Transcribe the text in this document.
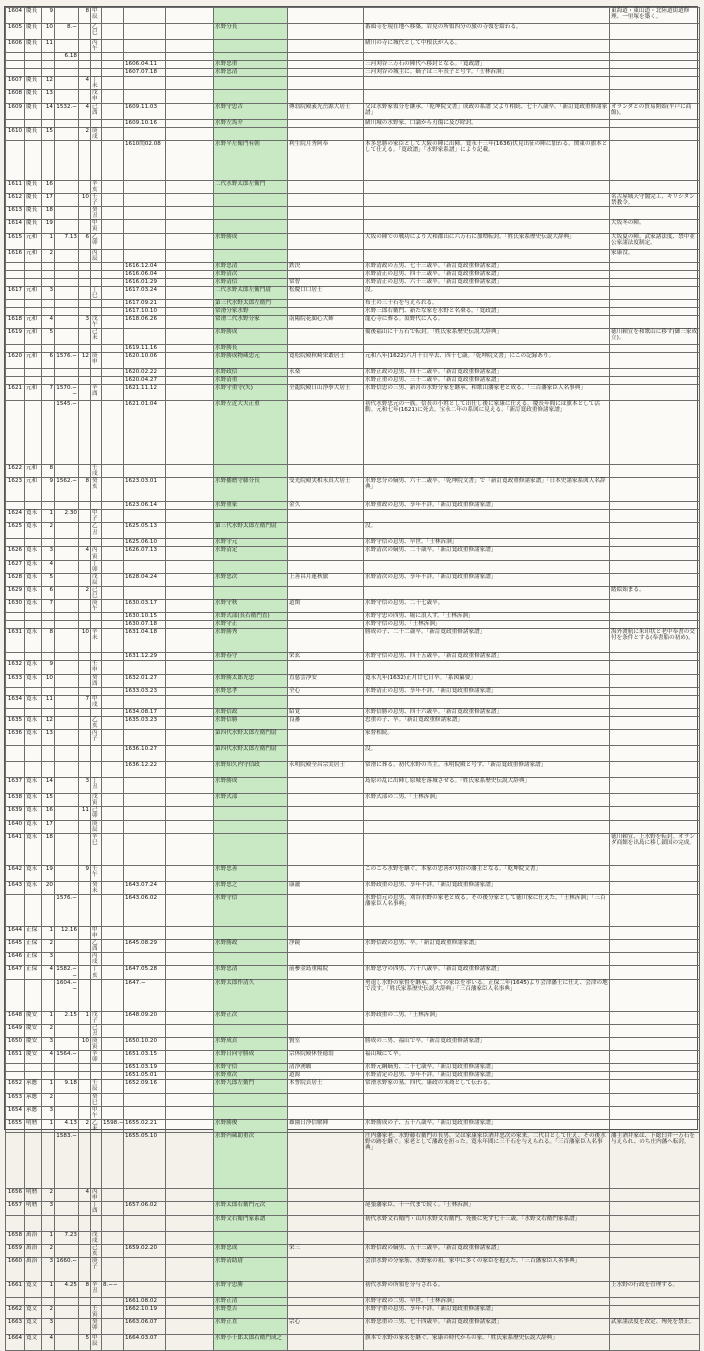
1604	慶長	9		8	甲辰							東海道・東山道・北陸道街道修理、一里塚を築く。
1605	慶長	10	8.−		乙巳				水野分長		番頭寺を現在地へ移築。岩見の所領四分の旅の寺領を給わる。	
1606	慶長	11			丙午						緒川の寺に城代として中根氏が入る。	
			6.18									
							1606.04.11		水野忠重		三河刈谷三万石の陣代へ移封となる。「寛政譜」	
							1607.07.18		水野忠清		三河刈谷の城主に。嫡子は三年長子と号す。「士林泝洄」	
1607	慶長	12		4	丁未							
1608	慶長	13			戊申							
1609	慶長	14	1532.−	4	己酉		1609.11.03		水野守忠吉	傳翁院殿義光岳源大居士	父は水野家領分を継承。「乾坤院文書」成政の系譜 父より相続、七十八歳卒。「新訂寛政重修諸家譜」	オランダとの貿易開始(平戸に商館)。
							1609.10.16		水野左馬介		緒川城の水野家、口論から刃傷に及び除封。	
1610	慶長	15		2	庚戌							
							1610閏02.08		水野平左衛門有朝	利生院月秀阿奉	本多忠勝の家臣として大阪の陣に出陣。寛永十三年(1636)伏見出征の陣に加わる。関東の旗本として仕える。「寛政譜」「水野家系譜」により記載。	
1611	慶長	16			辛亥				二代水野太郎左衛門			
1612	慶長	17		10	壬子							名古屋城天守閣完工、キリシタン禁教令。
1613	慶長	18			癸丑							
1614	慶長	19			甲寅							大坂冬の陣。
1615	元和	1	7.13	6	乙卯				水野勝成		大坂の陣での戦功により大和郡山に六万石に加増転封。「姓氏家系歴史伝説大辞典」	大坂夏の陣。武家諸法度、禁中並公家諸法度制定。
1616	元和	2			丙辰							家康没。
							1616.12.04		水野忠清	鉄決	水野清政の五男、七十三歳卒。「新訂寛政重修諸家譜」	
							1616.06.04		水野清次		水野清正の息男、四十三歳卒。「新訂寛政重修諸家譜」	
							1616.01.29		水野清信	常智	水野清正の息男、六十三歳卒。「新訂寛政重修諸家譜」	
1617	元和	3			丁巳		1617.03.24		二代水野太郎左衛門尉	松慶口口居士	没。	
							1617.09.21		第三代水野太郎左衛門		布土の三十石を与えられる。	
							1617.10.10		常滑分家水野		水野三郎右衛門、新たな家を水野と名乗る。「寛政譜」	
1618	元和	4		3	戊午		1618.06.26		常滑二代水野分家	南陽院花顔心大姉	龍心寺に葬る。須野代に入る。	
1619	元和	5			己未				水野勝成		備後福山に十万石で転封。「姓氏家系歴史伝説大辞典」	徳川頼宣を和歌山に移す(御三家成立)。
							1619.11.16		水野勝長			
1620	元和	6	1576.−	12	庚申		1620.10.06		水野勝成物蔵忠元	寛松院殿秋崎栄叢居士	元和八年(1622)六月十日卒去、四十七歳。「乾坤院文書」にこの記録あり。	
							1620.02.22		水野政信	永楽	水野正政の息男、四十二歳卒。「新訂寛政重修諸家譜」	
							1620.04.27		水野清重		水野正重の息男、三十二歳卒。「新訂寛政重修諸家譜」	
1621	元和	7	1570.−−		辛酉		1621.11.12		水野守重守(矢)	全龍院殿日山浄拳大居士	水野信忠の三男、新宮の水野分家を継承。和歌山藩家老と成る。「三百藩家臣人名事典」	
			1545.−				1621.01.04		水野左近大夫正重		初代水野忠元の一族。信長の小姓として出仕し後に家康に仕える。慶長年間には旗本として活動。元和七年(1621)に死去。宝永二年の系図に見える。「新訂寛政重修諸家譜」	
1622	元和	8			壬戌							
1623	元和	9	1562.−	8	癸亥		1623.03.01		水野播磨守藤分長	受光院殿実相永真大居士	水野忠分の嫡男、六十二歳卒。「乾坤院文書」で「新訂寛政重修諸家譜」「日本史諸家系図人名辞典」	
							1623.06.14		水野重家	金久	水野重政の息男、享年不詳。「新訂寛政重修諸家譜」	
1624	寛永	1	2.30		甲子							
1625	寛永	2			乙丑		1625.05.13		第三代水野太郎左衛門尉		没。	
							1625.06.10		水野守元		水野守信の息男、早世。「士林泝洄」	
1626	寛永	3		4	丙寅		1626.07.13		水野清定		水野清次の嫡男、二十歳卒。「新訂寛政重修諸家譜」	
1627	寛永	4			丁卯							
1628	寛永	5			戊辰		1628.04.24		水野忠次	上善昌月蓮秋旅	水野清次の息男、享年不詳。「新訂寛政重修諸家譜」	
1629	寛永	6		2	己巳							踏絵始まる。
1630	寛永	7			庚午		1630.03.17		水野守秋	道閑	水野守信の息男、二十七歳卒。	
							1630.10.15		水野式部(長右衛門直)		水野守忠の四男、堀に浪人す。「士林泝洄」	
							1630.07.18		水野守正		水野守信の息男、「士林泝洄」	
1631	寛永	8		10	辛未		1631.04.18		水野勝秀		勝成の子、二十二歳卒。「新訂寛政重修諸家譜」	海外渡航に朱印状と老中奉書の交付を条件とする(奉書船の初め)。
							1631.12.29		水野春守	栄玄	水野守信の息男、四十五歳卒。「新訂寛政重修諸家譜」	
1632	寛永	9			壬申							
1633	寛永	10			癸酉		1632.01.27		水野勝太郎光忠	直慈雲浄安	寛永九年(1632)正月廿七日卒。「系図纂要」	
							1633.03.23		水野忠孝	全心	水野清正の息男、享年不詳。「新訂寛政重修諸家譜」	
1634	寛永	11		7	甲戌							
							1634.08.17		水野信政	紹覚	水野信勝の息男、四十六歳卒。「新訂寛政重修諸家譜」	
1635	寛永	12			乙亥		1635.03.23		水野信勝	良蕃	忠重の子、卒。「新訂寛政重修諸家譜」	
1636	寛永	13			丙子				第四代水野太郎左衛門尉		家督相続。	
							1636.10.27		第四代水野太郎左衛門尉		没。	
							1636.12.22		水野知久内守信政	永明院殿全昌宗実居士	常滑に葬る。初代水野の当主。永明院殿と号す。「新訂寛政重修諸家譜」	
1637	寛永	14		3	丁丑				水野勝成		島原の乱に出陣し原城を落城させる。「姓氏家系歴史伝説大辞典」	
1638	寛永	15			戊寅				水野式部		水野式部の二男。「士林泝洄」	
1639	寛永	16		11	己卯							
1640	寛永	17			庚辰							
1641	寛永	18			辛巳							徳川頼宣、上水野を転封。オランダ商館を出島に移し鎖国の完成。
1642	寛永	19		9	壬午				水野忠善		このころ水野を継ぐ。本家の忠善が刈谷の藩主となる。「乾坤院文書」	
1643	寛永	20			癸未		1643.07.24		水野忠之	康瀧	水野政重の息男、享年不詳。「新訂寛政重修諸家譜」	
			1576.−				1643.06.02		水野守信		水野信元の息男。刈谷水野の家老と成る。その後分家として徳川家に仕えた。「士林泝洄」「三百藩家臣人名事典」	
1644	正保	1	12.16		甲申							
1645	正保	2			乙酉		1645.08.29		水野勝政	浄鏡	水野信政の息男、卒。「新訂寛政重修諸家譜」	
1646	正保	3			丙戌							
1647	正保	4	1582.−−		丁亥		1647.05.28		水野忠清	前參金島重陽院	水野忠守の四男、六十八歳卒。「新訂寛政重修諸家譜」	
			1604.−−				1647.−		水野太郎作清久		勇退し水野の家督を継承。多くの家臣を率いる。正保二年(1645)より会津藩士に仕え、会津の地で没す。「姓氏家系歴史伝説大辞典」「三百藩家臣人名事典」	
1648	慶安	1	2.15	1	戊子		1648.09.20		水野正次		水野政重の二男。「士林泝洄」	
1649	慶安	2			己丑							
1650	慶安	3		10	庚寅		1650.10.20		水野成貞	賢室	勝成の三男、福山で卒。「新訂寛政重修諸家譜」	
1651	慶安	4	1564.−		辛卯		1651.03.15		水野日向守勝成	宗休院殿休怪徳翁	福山城にて卒。	
							1651.03.19		水野守信	清浄湧願	水野元綱嫡男、二十七歳卒。「新訂寛政重修諸家譜」	
							1651.05.01		水野重次	道源	水野清定の息男、享年不詳。「新訂寛政重修諸家譜」	
1652	承應	1	9.18		壬辰		1652.09.16		水野九郎左衛門	本誓院貞居士	常滑水野家の墓。四代、康政の末裔として伝わる。	
1653	承應	2			癸巳							
1654	承應	3			甲午							
1655	明暦	1	4.13	2	乙未	1598.−	1655.02.21		水野勝俊	雄園日浄信解陣	水野勝成の子、五十八歳卒。「新訂寛政重修諸家譜」	
			1583.−				1655.05.10		水野内蔵助重次		庄内藩家老。水野藤右衛門の長男。父は家康家臣酒井忠次の家来。二代目として仕え、その後水野の跡を継ぐ。家老として藩政を担った。寛永年間に三千石を与えられる。「三百藩家臣人名事典」	藩主酒井家は、下総臼井一万石を与えられ、のち庄内藩へ転封。
1656	明暦	2		4	丙申							
1657	明暦	3			丁酉		1657.06.02		水野太郎右衛門元次		尾張藩家臣。十一代まで続く。「士林泝洄」	
									水野文右衛門家系譜		初代水野文右衛門・山川水野文右衛門、死後に死す七十三歳。「水野文右衛門家系譜」	
1658	萬治	1	7.23		戊戌							
1659	萬治	2			己亥		1659.02.20		水野忠成	栄三	水野信政の嫡男、五十三歳卒。「新訂寛政重修諸家譜」	
1660	萬治	3	1660.−		庚子				水野清助尉		会津水野の分家筋、水野家の祖。家中に多くの家臣を抱えた。「三百藩家臣人名事典」	
1661	寛文	1	4.25	8	辛丑	8.−−			水野守忠勝		初代水野の所領を分与される。	上水野の行政を管理する。
							1661.08.02		水野正清		水野守政の二男、早世。「士林泝洄」	
1662	寛文	2			壬寅		1662.10.19		水野豊吉		水野守重の息男、享年不詳。「新訂寛政重修諸家譜」	
1663	寛文	3			癸卯		1663.06.07		水野正直	宗心	水野忠重の三男、七十四歳卒。「新訂寛政重修諸家譜」	武家諸法度を改定、殉死を禁止。
1664	寛文	4		5	甲辰		1664.03.07		水野小十郎太郎右衛門成之		旗本で水野の家名を継ぐ。家康の時代からの家。「姓氏家系歴史伝説大辞典」	
